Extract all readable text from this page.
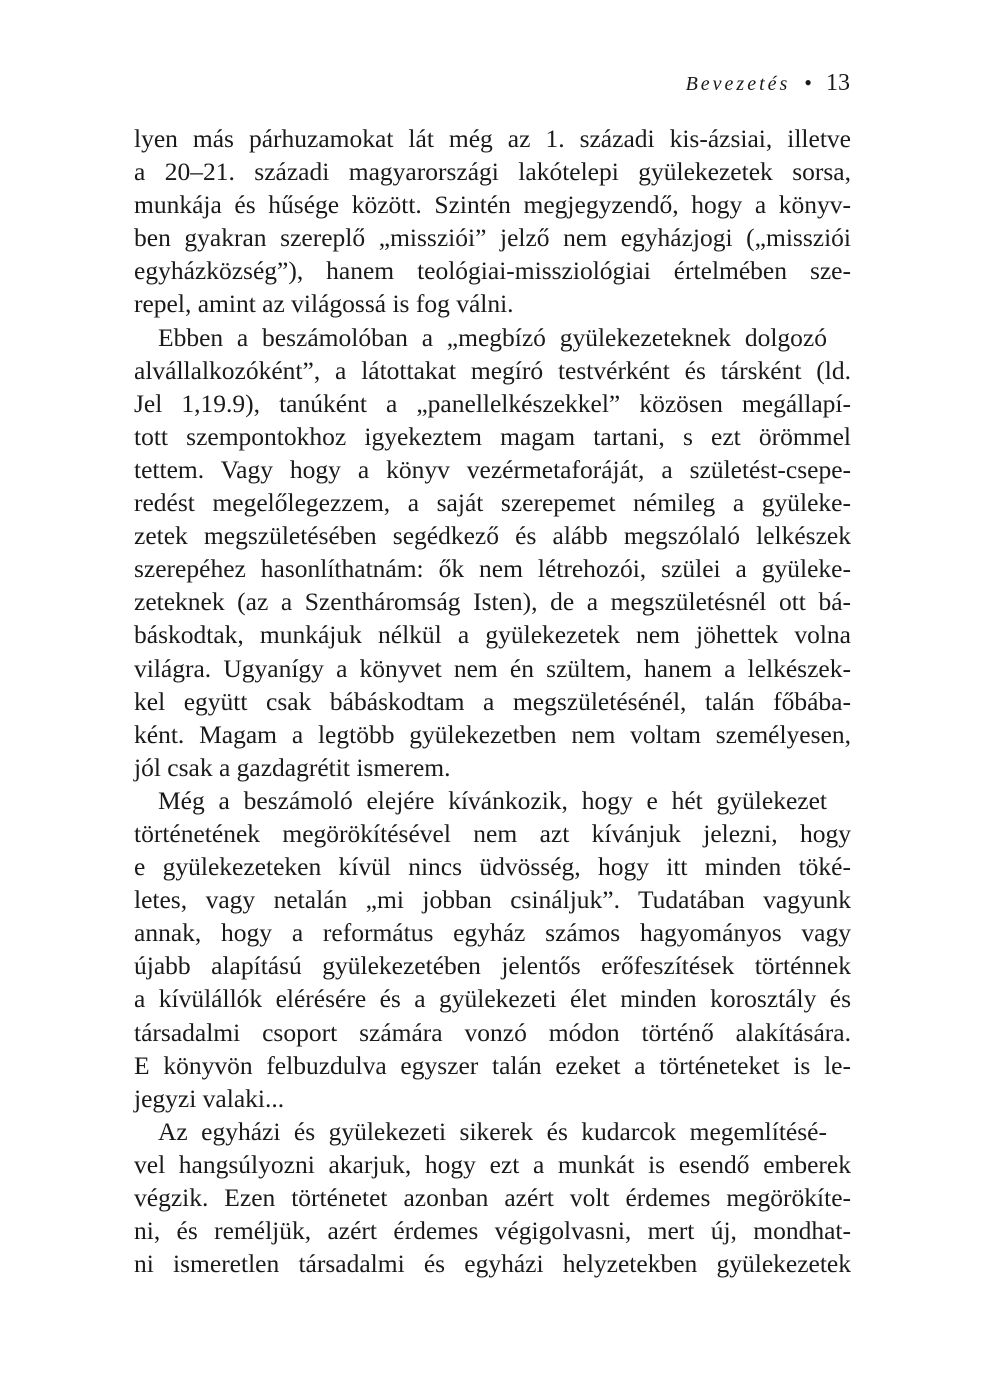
Bevezetés • 13
lyen más párhuzamokat lát még az 1. századi kis-ázsiai, illetve
a 20–21. századi magyarországi lakótelepi gyülekezetek sorsa,
munkája és hűsége között. Szintén megjegyzendő, hogy a könyv-
ben gyakran szereplő „missziói” jelző nem egyházjogi („missziói
egyházközség”), hanem teológiai-missziológiai értelmében sze-
repel, amint az világossá is fog válni.
Ebben a beszámolóban a „megbízó gyülekezeteknek dolgozó
alvállalkozóként”, a látottakat megíró testvérként és társként (ld.
Jel 1,19.9), tanúként a „panellelkészekkel” közösen megállapí-
tott szempontokhoz igyekeztem magam tartani, s ezt örömmel
tettem. Vagy hogy a könyv vezérmetaforáját, a születést-csepe-
redést megelőlegezzem, a saját szerepemet némileg a gyüleke-
zetek megszületésében segédkező és alább megszólaló lelkészek
szerepéhez hasonlíthatnám: ők nem létrehozói, szülei a gyüleke-
zeteknek (az a Szentháromság Isten), de a megszületésnél ott bá-
báskodtak, munkájuk nélkül a gyülekezetek nem jöhettek volna
világra. Ugyanígy a könyvet nem én szültem, hanem a lelkészek-
kel együtt csak bábáskodtam a megszületésénél, talán főbába-
ként. Magam a legtöbb gyülekezetben nem voltam személyesen,
jól csak a gazdagrétit ismerem.
Még a beszámoló elejére kívánkozik, hogy e hét gyülekezet
történetének megörökítésével nem azt kívánjuk jelezni, hogy
e gyülekezeteken kívül nincs üdvösség, hogy itt minden töké-
letes, vagy netalán „mi jobban csináljuk”. Tudatában vagyunk
annak, hogy a református egyház számos hagyományos vagy
újabb alapítású gyülekezetében jelentős erőfeszítések történnek
a kívülállók elérésére és a gyülekezeti élet minden korosztály és
társadalmi csoport számára vonzó módon történő alakítására.
E könyvön felbuzdulva egyszer talán ezeket a történeteket is le-
jegyzi valaki...
Az egyházi és gyülekezeti sikerek és kudarcok megemlítésé-
vel hangsúlyozni akarjuk, hogy ezt a munkát is esendő emberek
végzik. Ezen történetet azonban azért volt érdemes megörökíte-
ni, és reméljük, azért érdemes végigolvasni, mert új, mondhat-
ni ismeretlen társadalmi és egyházi helyzetekben gyülekezetek
